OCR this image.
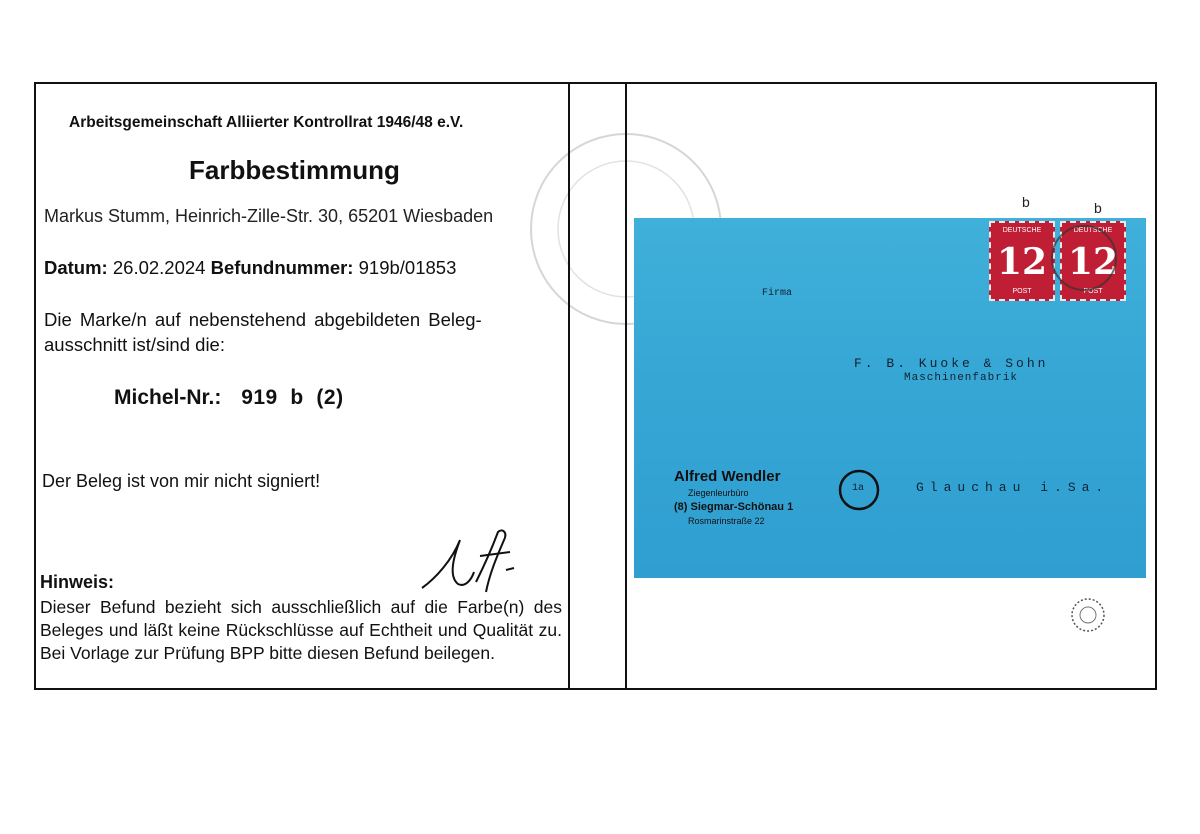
Arbeitsgemeinschaft Alliierter Kontrollrat 1946/48 e.V.
Farbbestimmung
Markus Stumm, Heinrich-Zille-Str. 30, 65201 Wiesbaden
Datum: 26.02.2024 Befundnummer: 919b/01853
Die Marke/n auf nebenstehend abgebildeten Beleg-
ausschnitt ist/sind die:
Michel-Nr.: 919  b  (2)
Der Beleg ist von mir nicht signiert!
Hinweis:
Dieser Befund bezieht sich ausschließlich auf die Farbe(n) des Beleges und läßt keine Rückschlüsse auf Echtheit und Qualität zu. Bei Vorlage zur Prüfung BPP bitte diesen Befund beilegen.
DEUTSCHE
12
POST
DEUTSCHE
12
POST
Firma
F. B. Kuoke & Sohn
Maschinenfabrik
Glauchau i.Sa.
1a
Alfred Wendler
Ziegenleurbüro
(8) Siegmar-Schönau 1
Rosmarinstraße 22
b	b
